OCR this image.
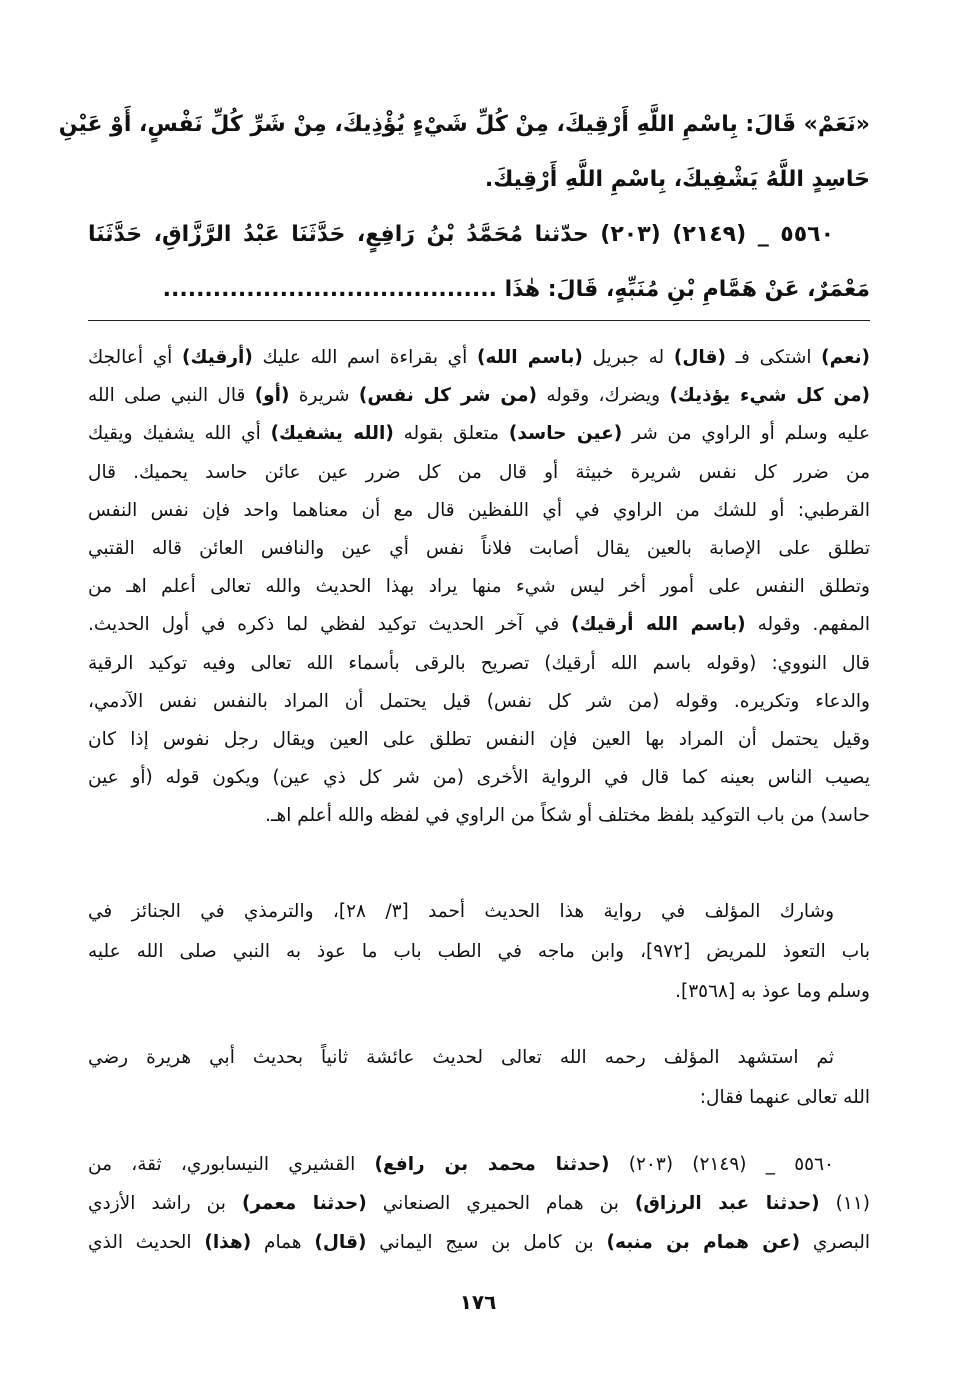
«نَعَمْ» قَالَ: بِاسْمِ اللَّهِ أَرْقِيكَ، مِنْ كُلِّ شَيْءٍ يُؤْذِيكَ، مِنْ شَرِّ كُلِّ نَفْسٍ، أَوْ عَيْنِ
حَاسِدٍ اللَّهُ يَشْفِيكَ، بِاسْمِ اللَّهِ أَرْقِيكَ.
٥٥٦٠ _ (٢١٤٩) (٢٠٣) حدّثنا مُحَمَّدُ بْنُ رَافِعٍ، حَدَّثَنَا عَبْدُ الرَّزَّاقِ، حَدَّثَنَا
مَعْمَرٌ، عَنْ هَمَّامِ بْنِ مُنَبِّهٍ، قَالَ: هٰذَا ........................................
(نعم) اشتكى فـ (قال) له جبريل (باسم الله) أي بقراءة اسم الله عليك (أرقيك) أي أعالجك
(من كل شيء يؤذيك) ويضرك، وقوله (من شر كل نفس) شريرة (أو) قال النبي صلى الله
عليه وسلم أو الراوي من شر (عين حاسد) متعلق بقوله (الله يشفيك) أي الله يشفيك ويقيك
من ضرر كل نفس شريرة خبيثة أو قال من كل ضرر عين عائن حاسد يحميك. قال
القرطبي: أو للشك من الراوي في أي اللفظين قال مع أن معناهما واحد فإن نفس النفس
تطلق على الإصابة بالعين يقال أصابت فلاناً نفس أي عين والنافس العائن قاله القتبي
وتطلق النفس على أمور أخر ليس شيء منها يراد بهذا الحديث والله تعالى أعلم اهـ من
المفهم. وقوله (باسم الله أرقيك) في آخر الحديث توكيد لفظي لما ذكره في أول الحديث.
قال النووي: (وقوله باسم الله أرقيك) تصريح بالرقى بأسماء الله تعالى وفيه توكيد الرقية
والدعاء وتكريره. وقوله (من شر كل نفس) قيل يحتمل أن المراد بالنفس نفس الآدمي،
وقيل يحتمل أن المراد بها العين فإن النفس تطلق على العين ويقال رجل نفوس إذا كان
يصيب الناس بعينه كما قال في الرواية الأخرى (من شر كل ذي عين) ويكون قوله (أو عين
حاسد) من باب التوكيد بلفظ مختلف أو شكاً من الراوي في لفظه والله أعلم اهـ.
وشارك المؤلف في رواية هذا الحديث أحمد [٣/ ٢٨]، والترمذي في الجنائز في
باب التعوذ للمريض [٩٧٢]، وابن ماجه في الطب باب ما عوذ به النبي صلى الله عليه
وسلم وما عوذ به [٣٥٦٨].
ثم استشهد المؤلف رحمه الله تعالى لحديث عائشة ثانياً بحديث أبي هريرة رضي
الله تعالى عنهما فقال:
٥٥٦٠ _ (٢١٤٩) (٢٠٣) (حدثنا محمد بن رافع) القشيري النيسابوري، ثقة، من
(١١) (حدثنا عبد الرزاق) بن همام الحميري الصنعاني (حدثنا معمر) بن راشد الأزدي
البصري (عن همام بن منبه) بن كامل بن سيج اليماني (قال) همام (هذا) الحديث الذي
١٧٦
